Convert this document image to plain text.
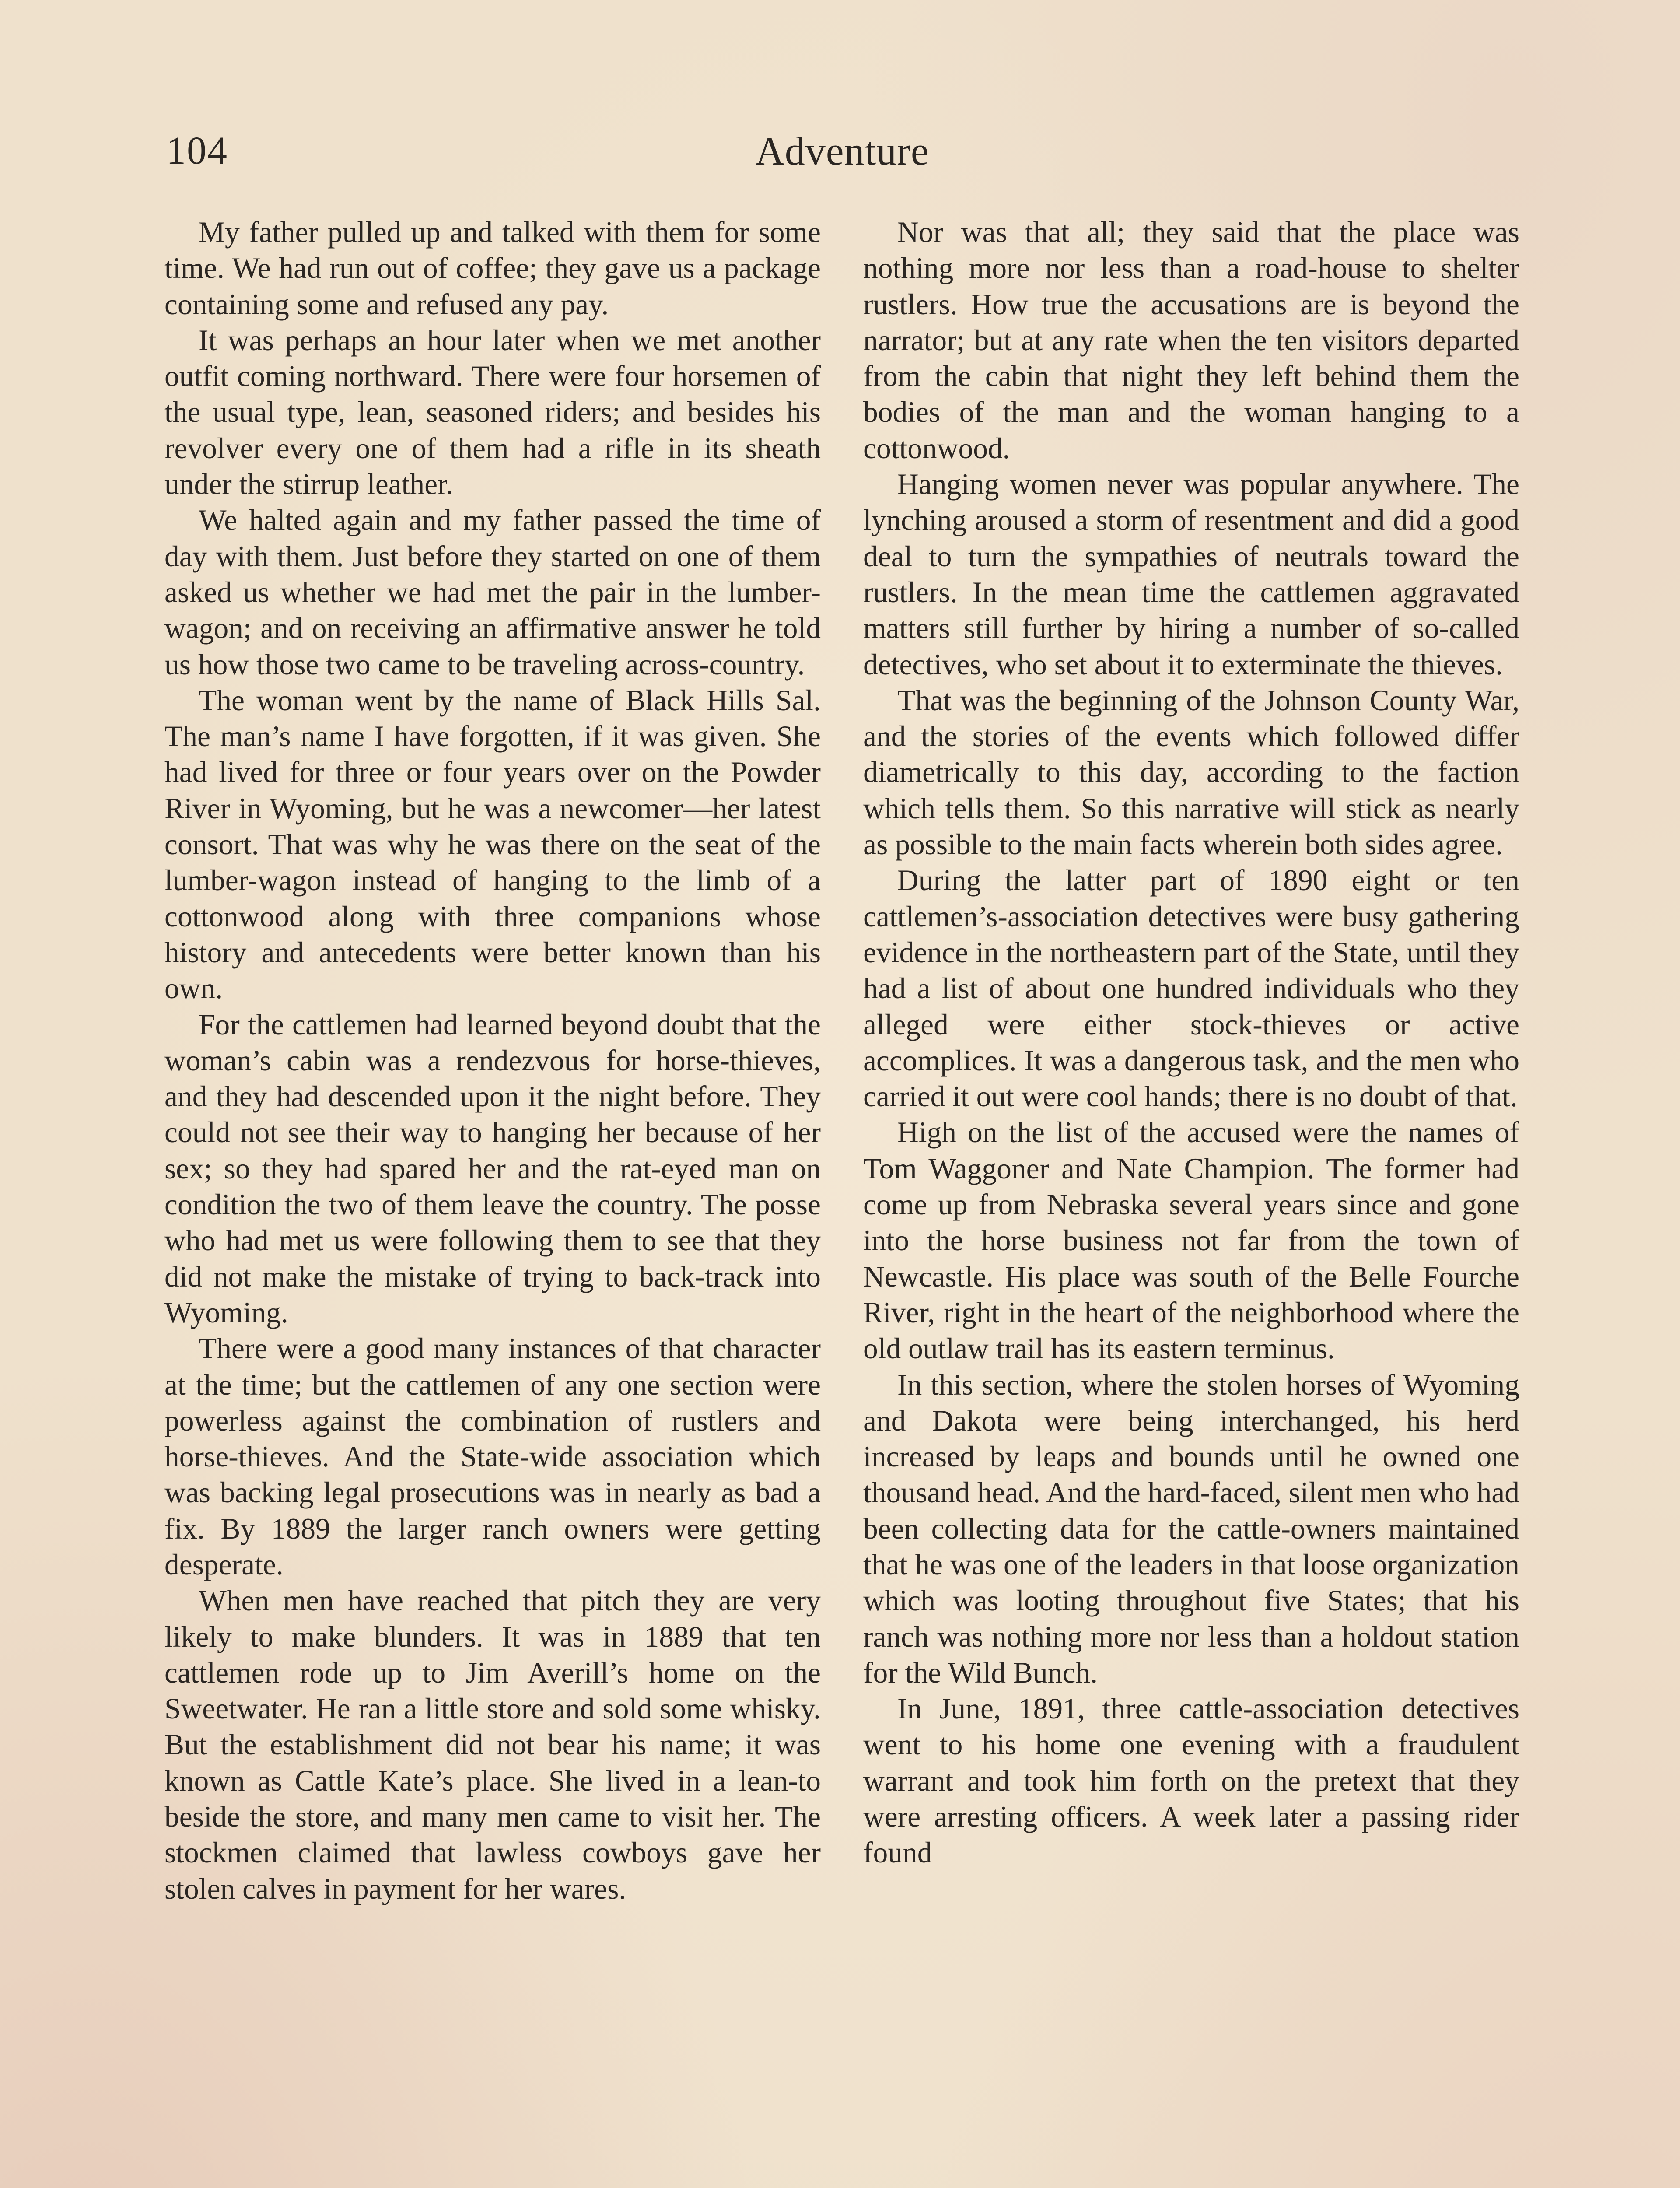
104	Adventure

My father pulled up and talked with them for some time. We had run out of coffee; they gave us a package containing some and refused any pay.

It was perhaps an hour later when we met another outfit coming northward. There were four horsemen of the usual type, lean, seasoned riders; and besides his revolver every one of them had a rifle in its sheath under the stirrup leather.

We halted again and my father passed the time of day with them. Just before they started on one of them asked us whether we had met the pair in the lumber-wagon; and on receiving an affirmative answer he told us how those two came to be traveling across-country.

The woman went by the name of Black Hills Sal. The man’s name I have forgotten, if it was given. She had lived for three or four years over on the Powder River in Wyoming, but he was a newcomer—her latest consort. That was why he was there on the seat of the lumber-wagon instead of hanging to the limb of a cottonwood along with three companions whose history and antecedents were better known than his own.

For the cattlemen had learned beyond doubt that the woman’s cabin was a rendezvous for horse-thieves, and they had descended upon it the night before. They could not see their way to hanging her because of her sex; so they had spared her and the rat-eyed man on condition the two of them leave the country. The posse who had met us were following them to see that they did not make the mistake of trying to back-track into Wyoming.

There were a good many instances of that character at the time; but the cattlemen of any one section were powerless against the combination of rustlers and horse-thieves. And the State-wide association which was backing legal prosecutions was in nearly as bad a fix. By 1889 the larger ranch owners were getting desperate.

When men have reached that pitch they are very likely to make blunders. It was in 1889 that ten cattlemen rode up to Jim Averill’s home on the Sweetwater. He ran a little store and sold some whisky. But the establishment did not bear his name; it was known as Cattle Kate’s place. She lived in a lean-to beside the store, and many men came to visit her. The stockmen claimed that lawless cowboys gave her stolen calves in payment for her wares.

Nor was that all; they said that the place was nothing more nor less than a road-house to shelter rustlers. How true the accusations are is beyond the narrator; but at any rate when the ten visitors departed from the cabin that night they left behind them the bodies of the man and the woman hanging to a cottonwood.

Hanging women never was popular anywhere. The lynching aroused a storm of resentment and did a good deal to turn the sympathies of neutrals toward the rustlers. In the mean time the cattlemen aggravated matters still further by hiring a number of so-called detectives, who set about it to exterminate the thieves.

That was the beginning of the Johnson County War, and the stories of the events which followed differ diametrically to this day, according to the faction which tells them. So this narrative will stick as nearly as possible to the main facts wherein both sides agree.

During the latter part of 1890 eight or ten cattlemen’s-association detectives were busy gathering evidence in the northeastern part of the State, until they had a list of about one hundred individuals who they alleged were either stock-thieves or active accomplices. It was a dangerous task, and the men who carried it out were cool hands; there is no doubt of that.

High on the list of the accused were the names of Tom Waggoner and Nate Champion. The former had come up from Nebraska several years since and gone into the horse business not far from the town of Newcastle. His place was south of the Belle Fourche River, right in the heart of the neighborhood where the old outlaw trail has its eastern terminus.

In this section, where the stolen horses of Wyoming and Dakota were being interchanged, his herd increased by leaps and bounds until he owned one thousand head. And the hard-faced, silent men who had been collecting data for the cattle-owners maintained that he was one of the leaders in that loose organization which was looting throughout five States; that his ranch was nothing more nor less than a holdout station for the Wild Bunch.

In June, 1891, three cattle-association detectives went to his home one evening with a fraudulent warrant and took him forth on the pretext that they were arresting officers. A week later a passing rider found
